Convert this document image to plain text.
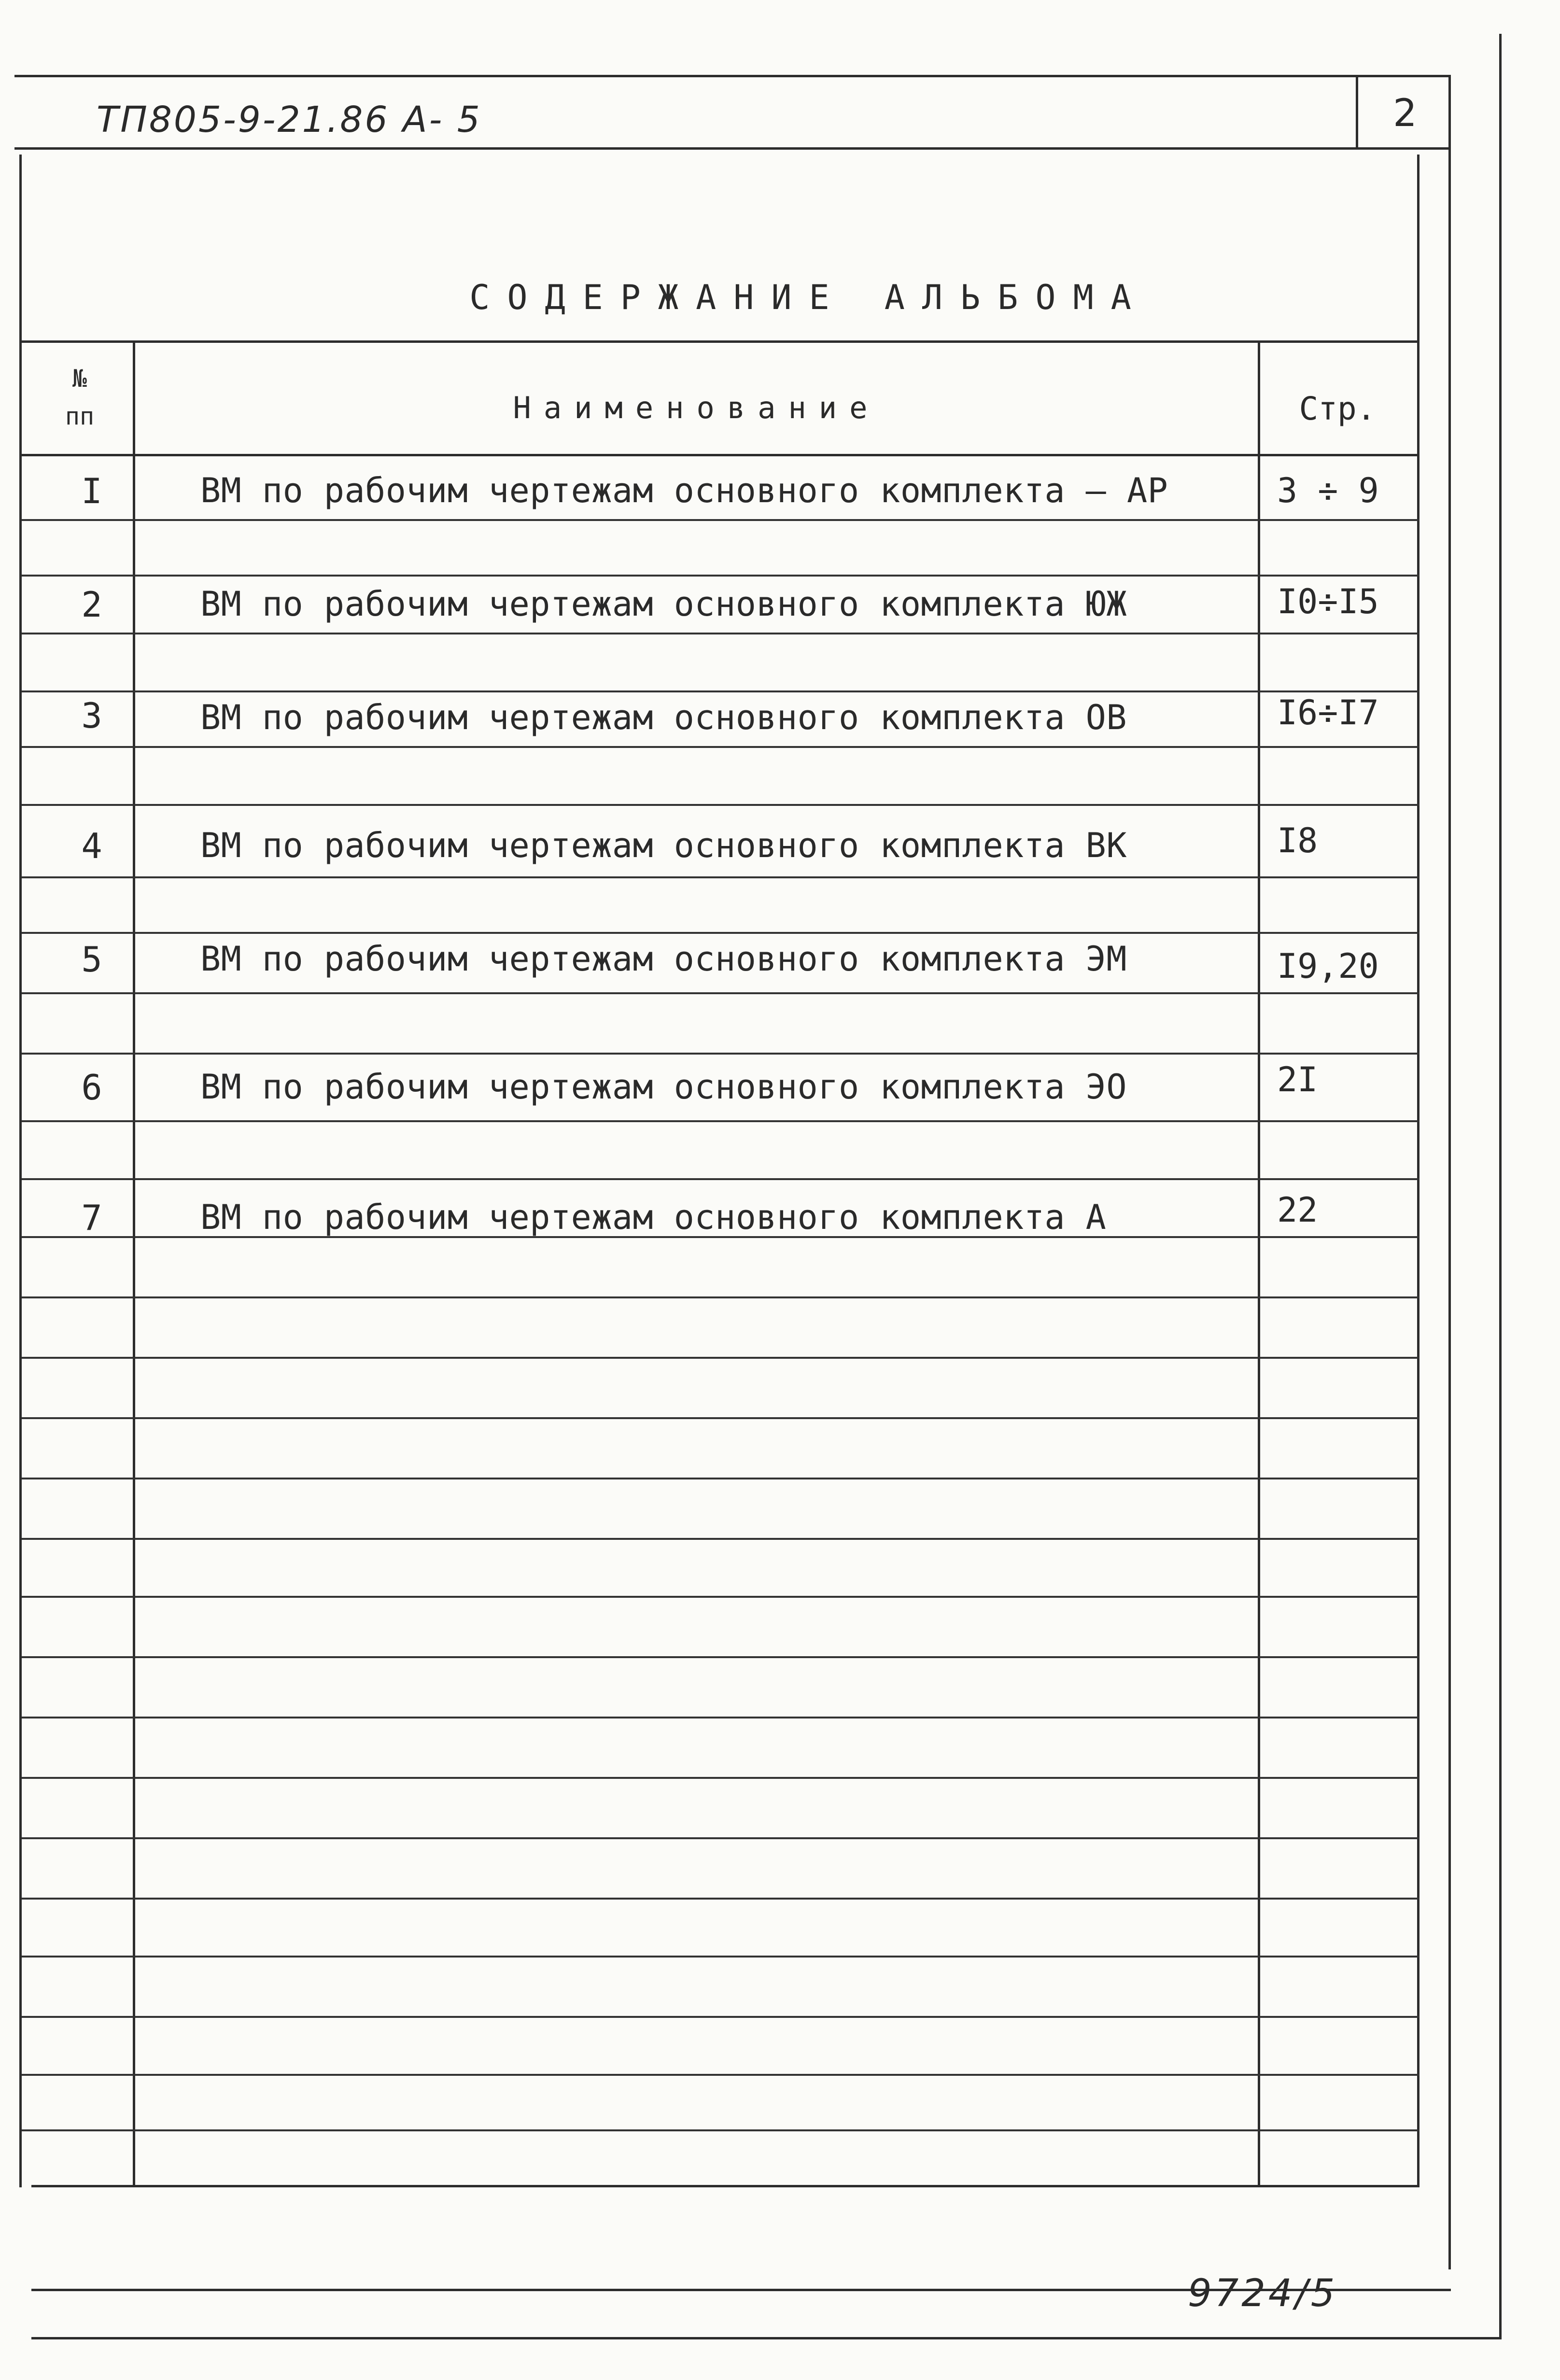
ТП805-9-21.86 А- 5	2
СОДЕРЖАНИЕ АЛЬБОМА
№
пп	Наименование	Стр.
I	ВМ по рабочим чертежам основного комплекта – АР	3 ÷ 9
2	ВМ по рабочим чертежам основного комплекта ЮЖ	I0÷I5
3	ВМ по рабочим чертежам основного комплекта ОВ	I6÷I7
4	ВМ по рабочим чертежам основного комплекта ВК	I8
5	ВМ по рабочим чертежам основного комплекта ЭМ	I9,20
6	ВМ по рабочим чертежам основного комплекта ЭО	2I
7	ВМ по рабочим чертежам основного комплекта А	22
9724/5
